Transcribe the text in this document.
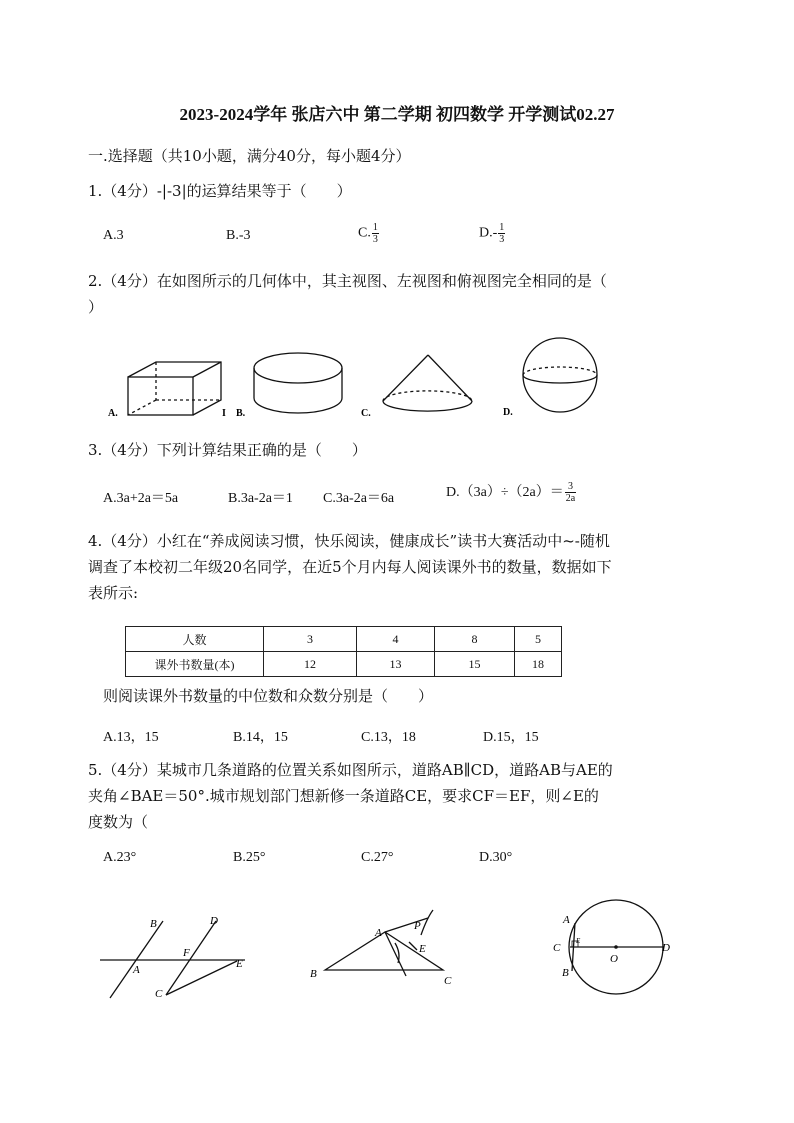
2023-2024学年 张店六中 第二学期 初四数学 开学测试02.27
一.选择题（共10小题，满分40分，每小题4分）
1.（4分）-|-3|的运算结果等于（　　）
A.3	B.-3	C. $\frac{1}{3}$	$D.- \frac{1}{3}$
2.（4分）在如图所示的几何体中，其主视图、左视图和俯视图完全相同的是（
）
A.	I B.	C.	D.
3.（4分）下列计算结果正确的是（　　）
A.3a+2a＝5a	B.3a-2a＝1 C.3a-2a＝6a	$D.(3a)\div(2a)= \frac{3}{2a}$
4.（4分）小红在“养成阅读习惯，快乐阅读，健康成长”读书大赛活动中~-随机
调查了本校初二年级20名同学，在近5个月内每人阅读课外书的数量，数据如下
表所示:
人数	3	4	8	5
课外书数量(本)	12	13	15	18
则阅读课外书数量的中位数和众数分别是（　　）
A.13，15	B.14，15	C.13，18	D.15，15
5.（4分）某城市几条道路的位置关系如图所示，道路AB∥CD，道路AB与AE的
夹角∠BAE＝50°.城市规划部门想新修一条道路CE，要求CF＝EF，则∠E的
度数为（
A.23°	B.25°	C.27°	D.30°
B	D
F
E
A
C
A
P
E
B
C
A
C
E
O
D
B
